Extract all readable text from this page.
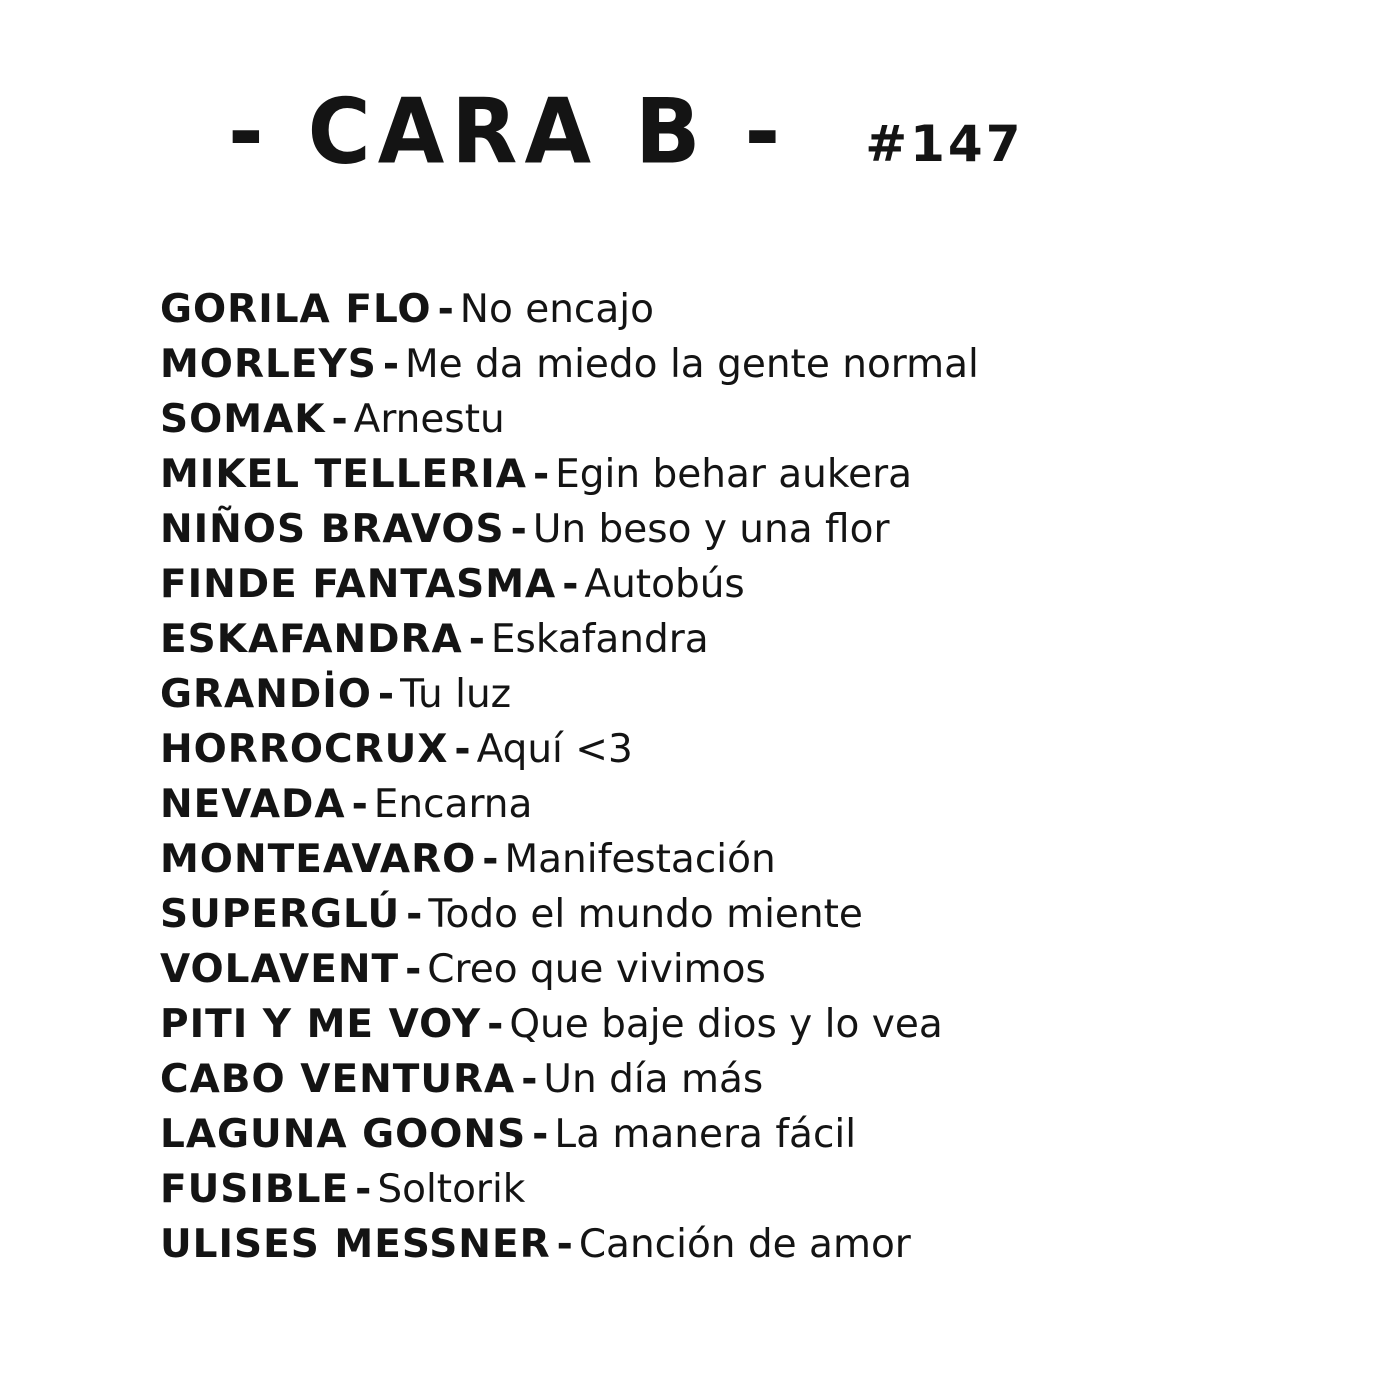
- CARA B - #147
GORILA FLO - No encajo
MORLEYS - Me da miedo la gente normal
SOMAK - Arnestu
MIKEL TELLERIA - Egin behar aukera
NIÑOS BRAVOS - Un beso y una flor
FINDE FANTASMA - Autobús
ESKAFANDRA - Eskafandra
GRANDİO - Tu luz
HORROCRUX - Aquí <3
NEVADA - Encarna
MONTEAVARO - Manifestación
SUPERGLÚ - Todo el mundo miente
VOLAVENT - Creo que vivimos
PITI Y ME VOY - Que baje dios y lo vea
CABO VENTURA - Un día más
LAGUNA GOONS - La manera fácil
FUSIBLE - Soltorik
ULISES MESSNER - Canción de amor
